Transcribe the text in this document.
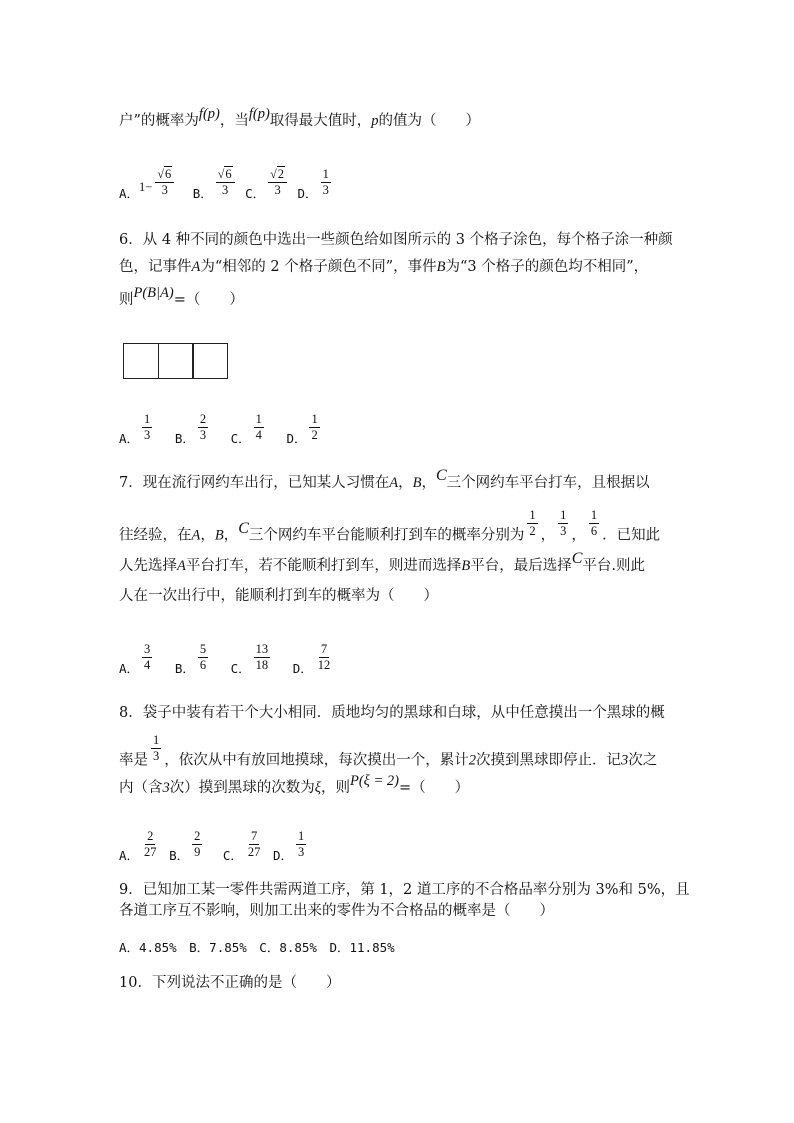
户”的概率为f(p)，当f(p)取得最大值时，p的值为（　　）
A．$1- \frac{√6}{3}$ B． $\frac{√6}{3}$ C． $\frac{√2}{3}$ D． $\frac{1}{3}$
6．从 4 种不同的颜色中选出一些颜色给如图所示的 3 个格子涂色，每个格子涂一种颜
色，记事件A为“相邻的 2 个格子颜色不同”，事件B为“3 个格子的颜色均不相同”，
则P(B|A)=（　　）
A． $\frac{1}{3}$ B． $\frac{2}{3}$ C． $\frac{1}{4}$ D． $\frac{1}{2}$
7．现在流行网约车出行，已知某人习惯在A，B，C三个网约车平台打车，且根据以
往经验，在A，B，C三个网约车平台能顺利打到车的概率分别为 $\frac{1}{2}$ ， $\frac{1}{3}$ ， $\frac{1}{6}$ ．已知此
人先选择A平台打车，若不能顺利打到车，则进而选择B平台，最后选择C平台.则此
人在一次出行中，能顺利打到车的概率为（　　）
A． $\frac{3}{4}$ B． $\frac{5}{6}$ C． $\frac{13}{18}$ D． $\frac{7}{12}$
8．袋子中装有若干个大小相同．质地均匀的黑球和白球，从中任意摸出一个黑球的概
率是 $\frac{1}{3}$ ，依次从中有放回地摸球，每次摸出一个，累计2次摸到黑球即停止．记3次之
内（含3次）摸到黑球的次数为ξ，则P(ξ = 2)=（　　）
A． $\frac{2}{27}$ B． $\frac{2}{9}$ C． $\frac{7}{27}$ D． $\frac{1}{3}$
9．已知加工某一零件共需两道工序，第 1，2 道工序的不合格品率分别为 3%和 5%，且
各道工序互不影响，则加工出来的零件为不合格品的概率是（　　）
A．4.85%　B．7.85%　C．8.85%　D．11.85%
10．下列说法不正确的是（　　）
